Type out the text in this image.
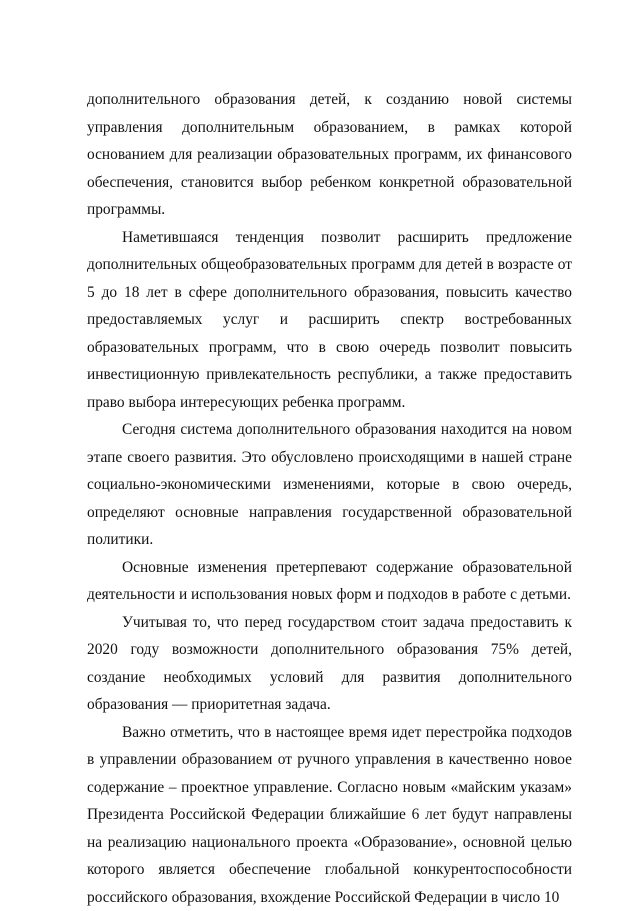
дополнительного образования детей, к созданию новой системы управления дополнительным образованием, в рамках которой основанием для реализации образовательных программ, их финансового обеспечения, становится выбор ребенком конкретной образовательной программы.

Наметившаяся тенденция позволит расширить предложение дополнительных общеобразовательных программ для детей в возрасте от 5 до 18 лет в сфере дополнительного образования, повысить качество предоставляемых услуг и расширить спектр востребованных образовательных программ, что в свою очередь позволит повысить инвестиционную привлекательность республики, а также предоставить право выбора интересующих ребенка программ.

Сегодня система дополнительного образования находится на новом этапе своего развития. Это обусловлено происходящими в нашей стране социально-экономическими изменениями, которые в свою очередь, определяют основные направления государственной образовательной политики.

Основные изменения претерпевают содержание образовательной деятельности и использования новых форм и подходов в работе с детьми.

Учитывая то, что перед государством стоит задача предоставить к 2020 году возможности дополнительного образования 75% детей, создание необходимых условий для развития дополнительного образования — приоритетная задача.

Важно отметить, что в настоящее время идет перестройка подходов в управлении образованием от ручного управления в качественно новое содержание – проектное управление. Согласно новым «майским указам» Президента Российской Федерации ближайшие 6 лет будут направлены на реализацию национального проекта «Образование», основной целью которого является обеспечение глобальной конкурентоспособности российского образования, вхождение Российской Федерации в число 10
